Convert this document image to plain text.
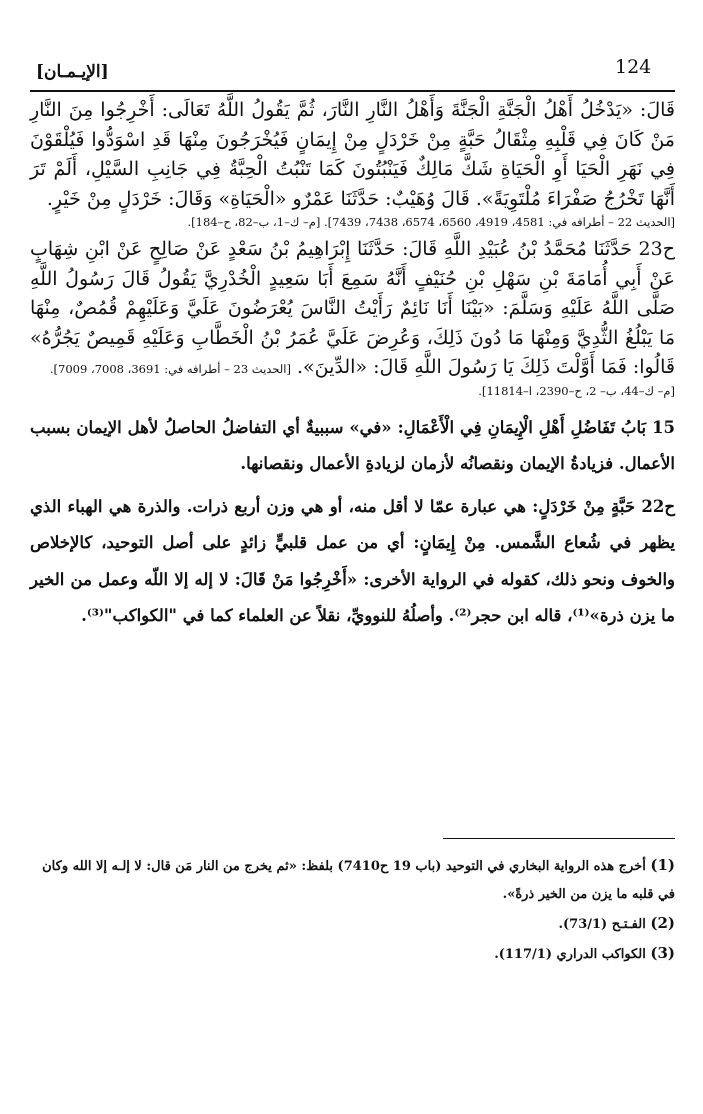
[الإيـمـان]	124

قَالَ: «يَدْخُلُ أَهْلُ الْجَنَّةِ الْجَنَّةَ وَأَهْلُ النَّارِ النَّارَ، ثُمَّ يَقُولُ اللَّهُ تَعَالَى: أَخْرِجُوا مِنَ النَّارِ مَنْ كَانَ فِي قَلْبِهِ مِثْقَالُ حَبَّةٍ مِنْ خَرْدَلٍ مِنْ إِيمَانٍ فَيُخْرَجُونَ مِنْهَا قَدِ اسْوَدُّوا فَيُلْقَوْنَ فِي نَهَرِ الْحَيَا أَوِ الْحَيَاةِ شَكَّ مَالِكٌ فَيَنْبُتُونَ كَمَا تَنْبُتُ الْحِبَّةُ فِي جَانِبِ السَّيْلِ، أَلَمْ تَرَ أَنَّهَا تَخْرُجُ صَفْرَاءَ مُلْتَوِيَةً». قَالَ وُهَيْبٌ: حَدَّثَنَا عَمْرٌو «الْحَيَاةِ» وَقَالَ: خَرْدَلٍ مِنْ خَيْرٍ.

[الحديث 22 – أطرافه في: 4581، 4919، 6560، 6574، 7438، 7439]. [م– ك–1، ب–82، ح–184].

ح23 حَدَّثَنَا مُحَمَّدُ بْنُ عُبَيْدِ اللَّهِ قَالَ: حَدَّثَنَا إِبْرَاهِيمُ بْنُ سَعْدٍ عَنْ صَالِحٍ عَنْ ابْنِ شِهَابٍ عَنْ أَبِي أُمَامَةَ بْنِ سَهْلِ بْنِ حُنَيْفٍ أَنَّهُ سَمِعَ أَبَا سَعِيدٍ الْخُدْرِيَّ يَقُولُ قَالَ رَسُولُ اللَّهِ صَلَّى اللَّهُ عَلَيْهِ وَسَلَّمَ: «بَيْنَا أَنَا نَائِمٌ رَأَيْتُ النَّاسَ يُعْرَضُونَ عَلَيَّ وَعَلَيْهِمْ قُمُصٌ، مِنْهَا مَا يَبْلُغُ الثُّدِيَّ وَمِنْهَا مَا دُونَ ذَلِكَ، وَعُرِضَ عَلَيَّ عُمَرُ بْنُ الْخَطَّابِ وَعَلَيْهِ قَمِيصٌ يَجُرُّهُ» قَالُوا: فَمَا أَوَّلْتَ ذَلِكَ يَا رَسُولَ اللَّهِ قَالَ: «الدِّينَ». [الحديث 23 – أطرافه في: 3691، 7008، 7009].

[م– ك–44، ب– 2، ح–2390، ا–11814].

15 بَابُ تَفَاضُلِ أَهْلِ الْإِيمَانِ فِي الْأَعْمَالِ: «في» سببيةٌ أي التفاضلُ الحاصلُ لأهل الإيمان بسبب الأعمال. فزيادةُ الإيمان ونقصانُه لأزمان لزيادةِ الأعمال ونقصانها.

ح22 حَبَّةٍ مِنْ خَرْدَلٍ: هي عبارة عمّا لا أقل منه، أو هي وزن أربع ذرات. والذرة هي الهباء الذي يظهر في شُعاع الشَّمس. مِنْ إِيمَانٍ: أي من عمل قلبيٍّ زائدٍ على أصل التوحيد، كالإخلاص والخوف ونحو ذلك، كقوله في الرواية الأخرى: «أَخْرِجُوا مَنْ قَالَ: لا إله إلا اللّه وعمل من الخير ما يزن ذرة»⁽¹⁾، قاله ابن حجر⁽²⁾. وأصلُهُ للنوويِّ، نقلاً عن العلماء كما في "الكواكب"⁽³⁾.

(1) أخرج هذه الرواية البخاري في التوحيد (باب 19 ح7410) بلفظ: «ثم يخرج من النار مَن قال: لا إلـه إلا الله وكان في قلبه ما يزن من الخير ذرةً».

(2) الفـتـح (73/1).

(3) الكواكب الدراري (117/1).
